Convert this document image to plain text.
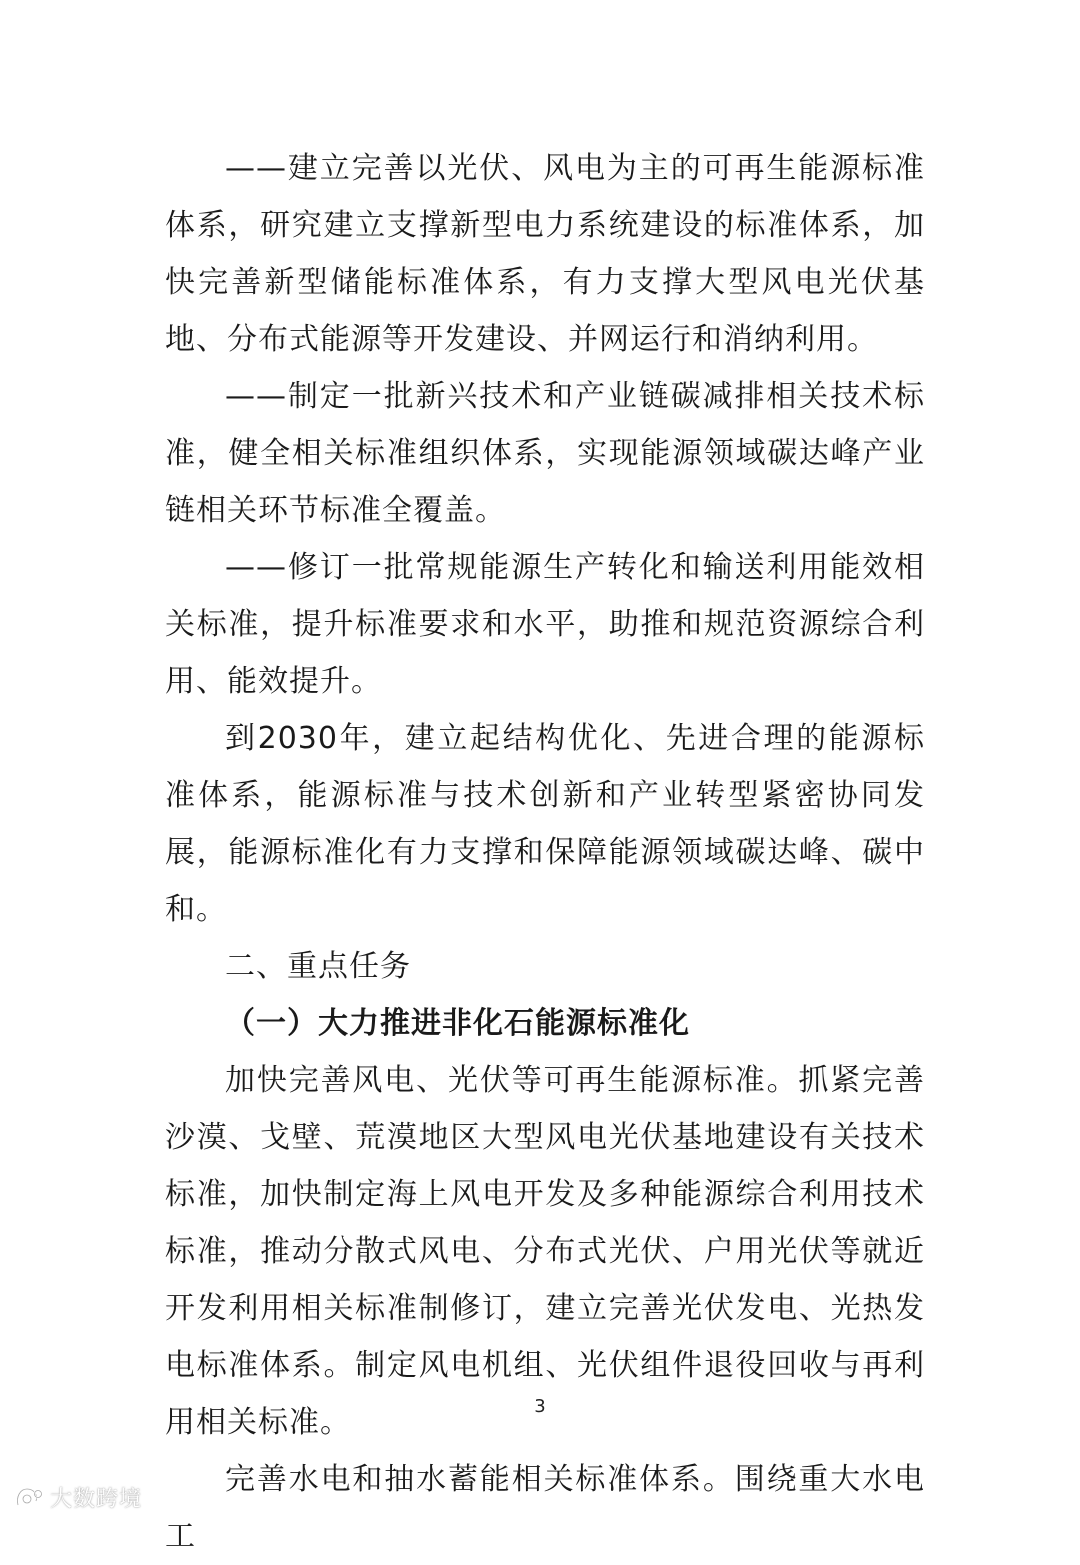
——建立完善以光伏、风电为主的可再生能源标准体系，研究建立支撑新型电力系统建设的标准体系，加快完善新型储能标准体系，有力支撑大型风电光伏基地、分布式能源等开发建设、并网运行和消纳利用。

——制定一批新兴技术和产业链碳减排相关技术标准，健全相关标准组织体系，实现能源领域碳达峰产业链相关环节标准全覆盖。

——修订一批常规能源生产转化和输送利用能效相关标准，提升标准要求和水平，助推和规范资源综合利用、能效提升。

到2030年，建立起结构优化、先进合理的能源标准体系，能源标准与技术创新和产业转型紧密协同发展，能源标准化有力支撑和保障能源领域碳达峰、碳中和。

二、重点任务

（一）大力推进非化石能源标准化

加快完善风电、光伏等可再生能源标准。抓紧完善沙漠、戈壁、荒漠地区大型风电光伏基地建设有关技术标准，加快制定海上风电开发及多种能源综合利用技术标准，推动分散式风电、分布式光伏、户用光伏等就近开发利用相关标准制修订，建立完善光伏发电、光热发电标准体系。制定风电机组、光伏组件退役回收与再利用相关标准。

完善水电和抽水蓄能相关标准体系。围绕重大水电工

3
大数跨境
